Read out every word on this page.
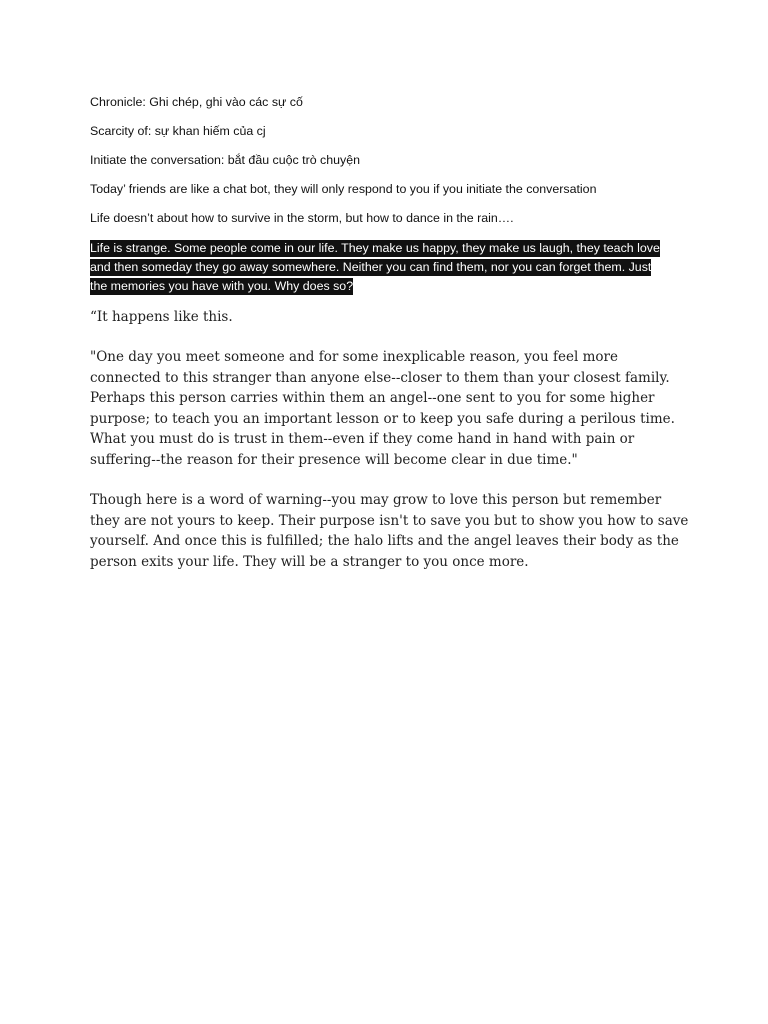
Chronicle: Ghi chép, ghi vào các sự cố
Scarcity of: sự khan hiếm của cj
Initiate the conversation: bắt đầu cuộc trò chuyện
Today’ friends are like a chat bot, they will only respond to you if you initiate the conversation
Life doesn’t about how to survive in the storm, but how to dance in the rain….
Life is strange. Some people come in our life. They make us happy, they make us laugh, they teach love
and then someday they go away somewhere. Neither you can find them, nor you can forget them. Just
the memories you have with you. Why does so?
“It happens like this.
"One day you meet someone and for some inexplicable reason, you feel more
connected to this stranger than anyone else--closer to them than your closest family.
Perhaps this person carries within them an angel--one sent to you for some higher
purpose; to teach you an important lesson or to keep you safe during a perilous time.
What you must do is trust in them--even if they come hand in hand with pain or
suffering--the reason for their presence will become clear in due time."
Though here is a word of warning--you may grow to love this person but remember
they are not yours to keep. Their purpose isn't to save you but to show you how to save
yourself. And once this is fulfilled; the halo lifts and the angel leaves their body as the
person exits your life. They will be a stranger to you once more.
